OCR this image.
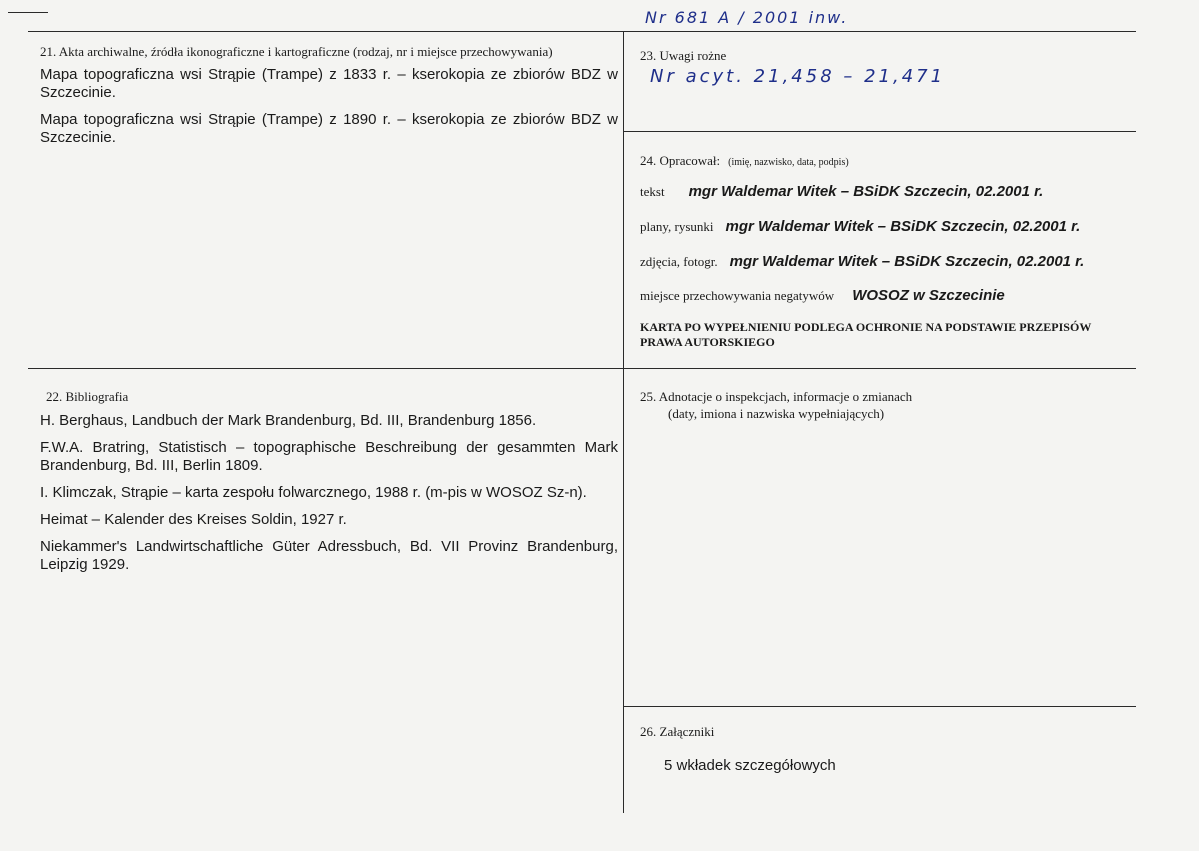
Nr 681 A / 2001 inw.
21. Akta archiwalne, źródła ikonograficzne i kartograficzne (rodzaj, nr i miejsce przechowywania)

Mapa topograficzna wsi Strąpie (Trampe) z 1833 r. – kserokopia ze zbiorów BDZ w Szczecinie.

Mapa topograficzna wsi Strąpie (Trampe) z 1890 r. – kserokopia ze zbiorów BDZ w Szczecinie.

22. Bibliografia

H. Berghaus, Landbuch der Mark Brandenburg, Bd. III, Brandenburg 1856.

F.W.A. Bratring, Statistisch – topographische Beschreibung der gesammten Mark Brandenburg, Bd. III, Berlin 1809.

I. Klimczak, Strąpie – karta zespołu folwarcznego, 1988 r. (m-pis w WOSOZ Sz-n).

Heimat – Kalender des Kreises Soldin, 1927 r.

Niekammer's Landwirtschaftliche Güter Adressbuch, Bd. VII Provinz Brandenburg, Leipzig 1929.

23. Uwagi rożne
Nr acyt. 21,458 – 21,471
24. Opracował: (imię, nazwisko, data, podpis)
tekst mgr Waldemar Witek – BSiDK Szczecin, 02.2001 r.
plany, rysunki mgr Waldemar Witek – BSiDK Szczecin, 02.2001 r.
zdjęcia, fotogr. mgr Waldemar Witek – BSiDK Szczecin, 02.2001 r.
miejsce przechowywania negatywów WOSOZ w Szczecinie
KARTA PO WYPEŁNIENIU PODLEGA OCHRONIE NA PODSTAWIE PRZEPISÓW PRAWA AUTORSKIEGO
25. Adnotacje o inspekcjach, informacje o zmianach
(daty, imiona i nazwiska wypełniających)
26. Załączniki
5 wkładek szczegółowych
